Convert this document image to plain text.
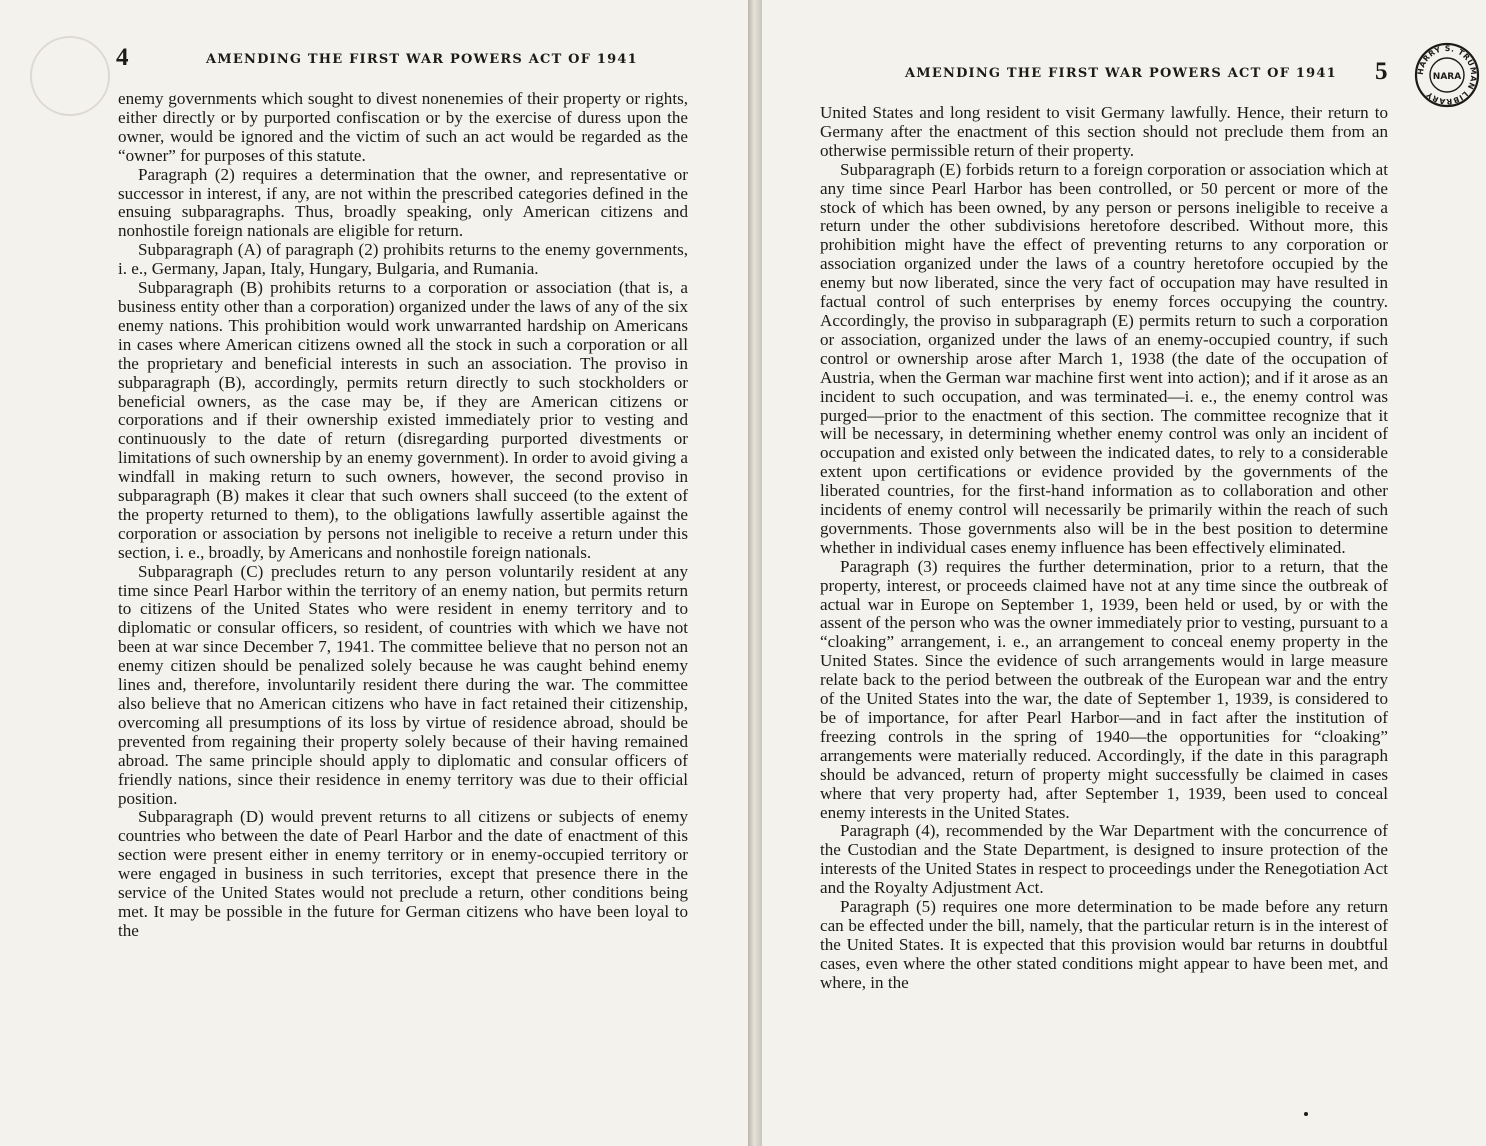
4	AMENDING THE FIRST WAR POWERS ACT OF 1941

enemy governments which sought to divest nonenemies of their property or rights, either directly or by purported confiscation or by the exercise of duress upon the owner, would be ignored and the victim of such an act would be regarded as the “owner” for purposes of this statute.

Paragraph (2) requires a determination that the owner, and representative or successor in interest, if any, are not within the prescribed categories defined in the ensuing subparagraphs. Thus, broadly speaking, only American citizens and nonhostile foreign nationals are eligible for return.

Subparagraph (A) of paragraph (2) prohibits returns to the enemy governments, i. e., Germany, Japan, Italy, Hungary, Bulgaria, and Rumania.

Subparagraph (B) prohibits returns to a corporation or association (that is, a business entity other than a corporation) organized under the laws of any of the six enemy nations. This prohibition would work unwarranted hardship on Americans in cases where American citizens owned all the stock in such a corporation or all the proprietary and beneficial interests in such an association. The proviso in subparagraph (B), accordingly, permits return directly to such stockholders or beneficial owners, as the case may be, if they are American citizens or corporations and if their ownership existed immediately prior to vesting and continuously to the date of return (disregarding purported divestments or limitations of such ownership by an enemy government). In order to avoid giving a windfall in making return to such owners, however, the second proviso in subparagraph (B) makes it clear that such owners shall succeed (to the extent of the property returned to them), to the obligations lawfully assertible against the corporation or association by persons not ineligible to receive a return under this section, i. e., broadly, by Americans and nonhostile foreign nationals.

Subparagraph (C) precludes return to any person voluntarily resident at any time since Pearl Harbor within the territory of an enemy nation, but permits return to citizens of the United States who were resident in enemy territory and to diplomatic or consular officers, so resident, of countries with which we have not been at war since December 7, 1941. The committee believe that no person not an enemy citizen should be penalized solely because he was caught behind enemy lines and, therefore, involuntarily resident there during the war. The committee also believe that no American citizens who have in fact retained their citizenship, overcoming all presumptions of its loss by virtue of residence abroad, should be prevented from regaining their property solely because of their having remained abroad. The same principle should apply to diplomatic and consular officers of friendly nations, since their residence in enemy territory was due to their official position.

Subparagraph (D) would prevent returns to all citizens or subjects of enemy countries who between the date of Pearl Harbor and the date of enactment of this section were present either in enemy territory or in enemy-occupied territory or were engaged in business in such territories, except that presence there in the service of the United States would not preclude a return, other conditions being met. It may be possible in the future for German citizens who have been loyal to the

AMENDING THE FIRST WAR POWERS ACT OF 1941 5	HARRY S. TRUMAN LIBRARY
NARA

United States and long resident to visit Germany lawfully. Hence, their return to Germany after the enactment of this section should not preclude them from an otherwise permissible return of their property.

Subparagraph (E) forbids return to a foreign corporation or association which at any time since Pearl Harbor has been controlled, or 50 percent or more of the stock of which has been owned, by any person or persons ineligible to receive a return under the other subdivisions heretofore described. Without more, this prohibition might have the effect of preventing returns to any corporation or association organized under the laws of a country heretofore occupied by the enemy but now liberated, since the very fact of occupation may have resulted in factual control of such enterprises by enemy forces occupying the country. Accordingly, the proviso in subparagraph (E) permits return to such a corporation or association, organized under the laws of an enemy-occupied country, if such control or ownership arose after March 1, 1938 (the date of the occupation of Austria, when the German war machine first went into action); and if it arose as an incident to such occupation, and was terminated—i. e., the enemy control was purged—prior to the enactment of this section. The committee recognize that it will be necessary, in determining whether enemy control was only an incident of occupation and existed only between the indicated dates, to rely to a considerable extent upon certifications or evidence provided by the governments of the liberated countries, for the first-hand information as to collaboration and other incidents of enemy control will necessarily be primarily within the reach of such governments. Those governments also will be in the best position to determine whether in individual cases enemy influence has been effectively eliminated.

Paragraph (3) requires the further determination, prior to a return, that the property, interest, or proceeds claimed have not at any time since the outbreak of actual war in Europe on September 1, 1939, been held or used, by or with the assent of the person who was the owner immediately prior to vesting, pursuant to a “cloaking” arrangement, i. e., an arrangement to conceal enemy property in the United States. Since the evidence of such arrangements would in large measure relate back to the period between the outbreak of the European war and the entry of the United States into the war, the date of September 1, 1939, is considered to be of importance, for after Pearl Harbor—and in fact after the institution of freezing controls in the spring of 1940—the opportunities for “cloaking” arrangements were materially reduced. Accordingly, if the date in this paragraph should be advanced, return of property might successfully be claimed in cases where that very property had, after September 1, 1939, been used to conceal enemy interests in the United States.

Paragraph (4), recommended by the War Department with the concurrence of the Custodian and the State Department, is designed to insure protection of the interests of the United States in respect to proceedings under the Renegotiation Act and the Royalty Adjustment Act.

Paragraph (5) requires one more determination to be made before any return can be effected under the bill, namely, that the particular return is in the interest of the United States. It is expected that this provision would bar returns in doubtful cases, even where the other stated conditions might appear to have been met, and where, in the
